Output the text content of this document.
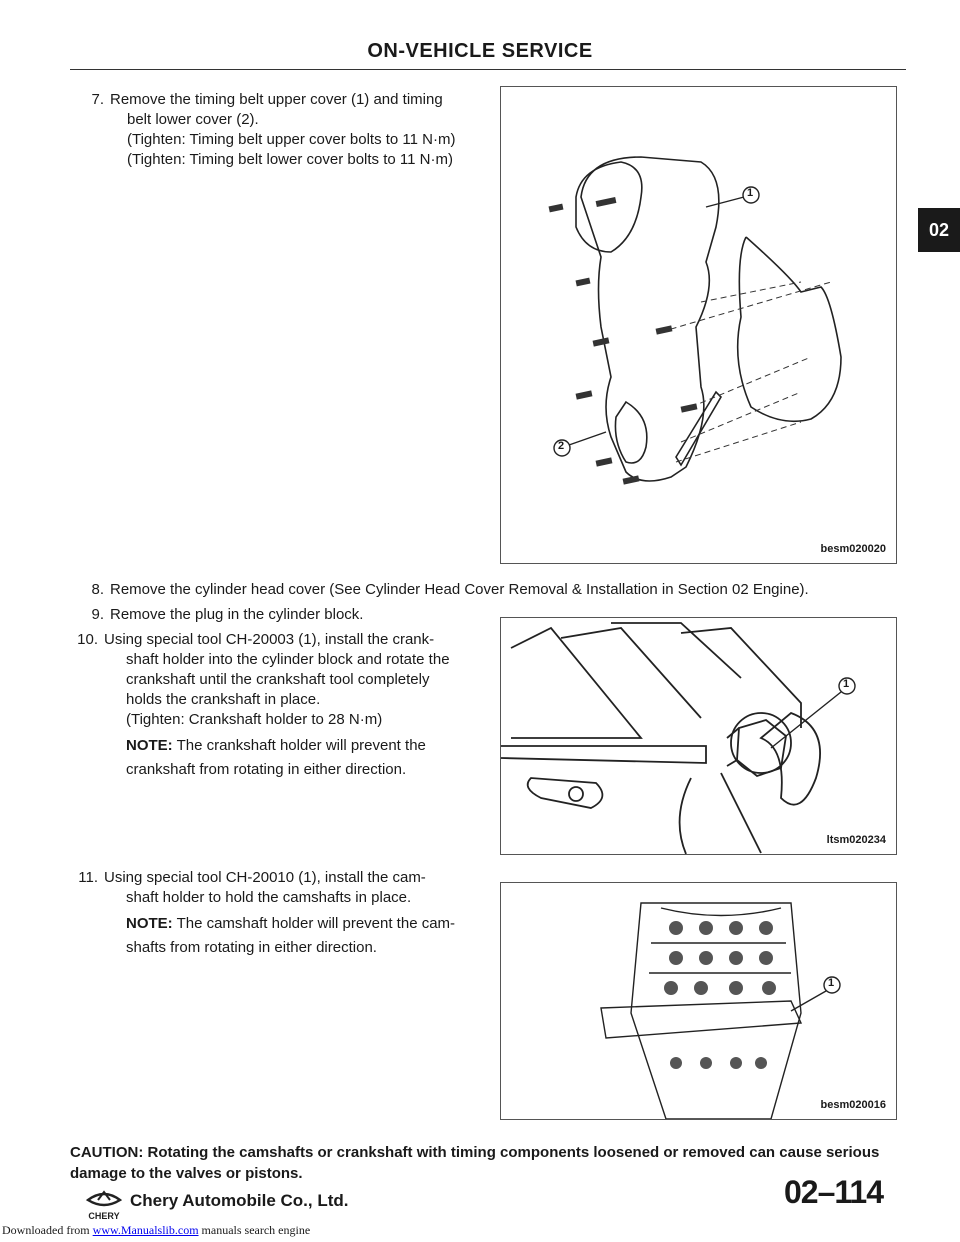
ON-VEHICLE SERVICE
02
7. Remove the timing belt upper cover (1) and timing
belt lower cover (2).
(Tighten: Timing belt upper cover bolts to 11 N·m)
(Tighten: Timing belt lower cover bolts to 11 N·m)
8. Remove the cylinder head cover (See Cylinder Head Cover Removal & Installation in Section 02 Engine).
9. Remove the plug in the cylinder block.
10. Using special tool CH-20003 (1), install the crank-
shaft holder into the cylinder block and rotate the
crankshaft until the crankshaft tool completely
holds the crankshaft in place.
(Tighten: Crankshaft holder to 28 N·m)
NOTE: The crankshaft holder will prevent the
crankshaft from rotating in either direction.
11. Using special tool CH-20010 (1), install the cam-
shaft holder to hold the camshafts in place.
NOTE: The camshaft holder will prevent the cam-
shafts from rotating in either direction.
1
2
besm020020
1
ltsm020234
1
besm020016
CAUTION: Rotating the camshafts or crankshaft with timing components loosened or removed can cause serious damage to the valves or pistons.
CHERY
Chery Automobile Co., Ltd.	02–114
Downloaded from www.Manualslib.com manuals search engine
